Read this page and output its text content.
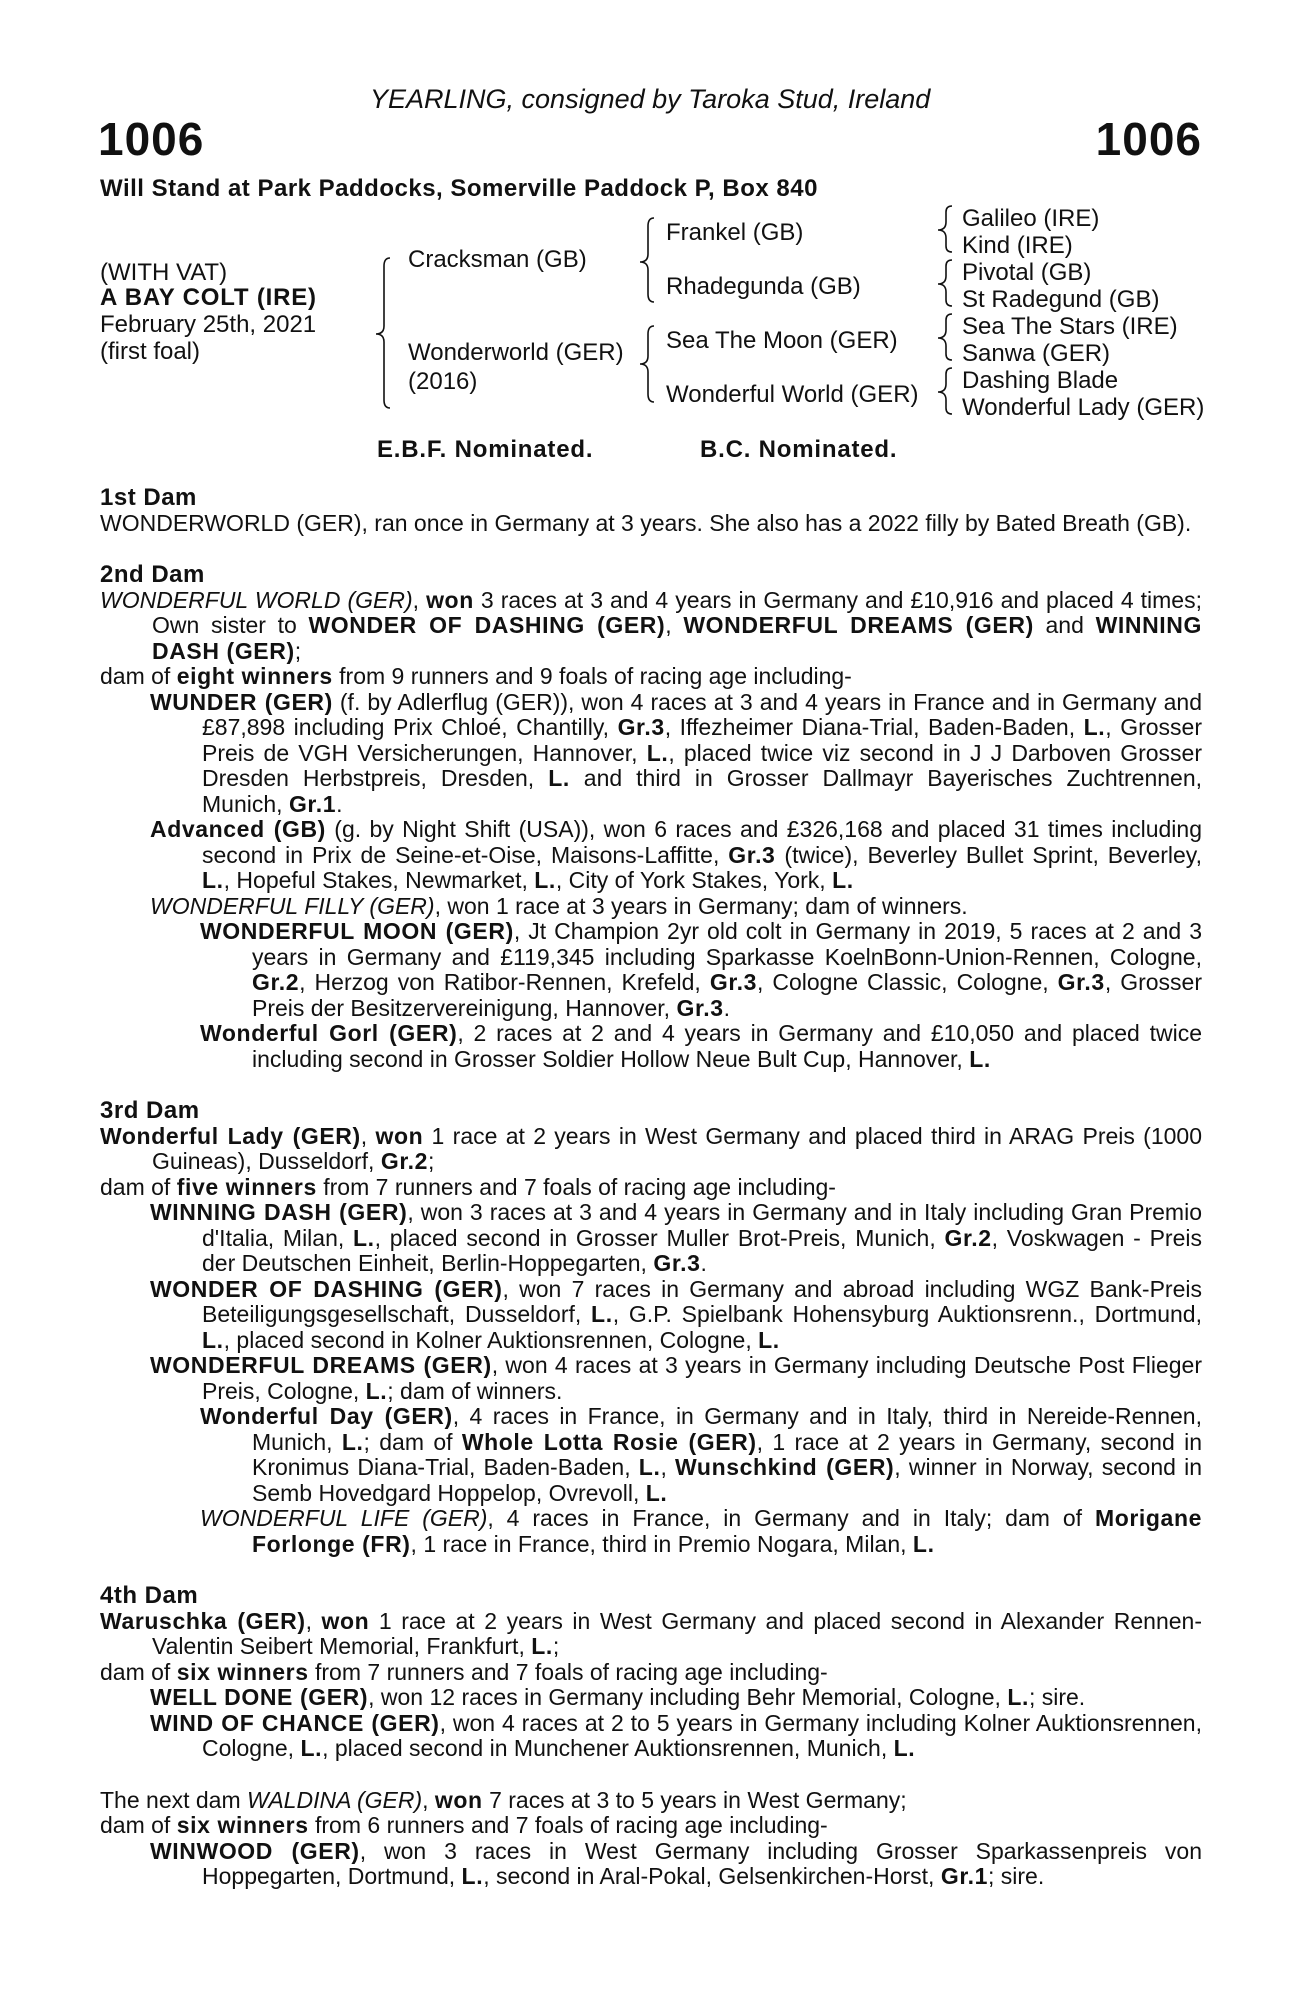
YEARLING, consigned by Taroka Stud, Ireland
1006	1006
Will Stand at Park Paddocks, Somerville Paddock P, Box 840
(WITH VAT)
A BAY COLT (IRE)
February 25th, 2021
(first foal)
Cracksman (GB)
Wonderworld (GER)
(2016)
Frankel (GB)
Rhadegunda (GB)
Sea The Moon (GER)
Wonderful World (GER)
Galileo (IRE)
Kind (IRE)
Pivotal (GB)
St Radegund (GB)
Sea The Stars (IRE)
Sanwa (GER)
Dashing Blade
Wonderful Lady (GER)
E.B.F. Nominated.	B.C. Nominated.
1st Dam
WONDERWORLD (GER), ran once in Germany at 3 years. She also has a 2022 filly by Bated Breath (GB).
2nd Dam
WONDERFUL WORLD (GER), won 3 races at 3 and 4 years in Germany and £10,916 and placed 4 times; Own sister to WONDER OF DASHING (GER), WONDERFUL DREAMS (GER) and WINNING DASH (GER);
dam of eight winners from 9 runners and 9 foals of racing age including-
WUNDER (GER) (f. by Adlerflug (GER)), won 4 races at 3 and 4 years in France and in Germany and £87,898 including Prix Chloé, Chantilly, Gr.3, Iffezheimer Diana-Trial, Baden-Baden, L., Grosser Preis de VGH Versicherungen, Hannover, L., placed twice viz second in J J Darboven Grosser Dresden Herbstpreis, Dresden, L. and third in Grosser Dallmayr Bayerisches Zuchtrennen, Munich, Gr.1.
Advanced (GB) (g. by Night Shift (USA)), won 6 races and £326,168 and placed 31 times including second in Prix de Seine-et-Oise, Maisons-Laffitte, Gr.3 (twice), Beverley Bullet Sprint, Beverley, L., Hopeful Stakes, Newmarket, L., City of York Stakes, York, L.
WONDERFUL FILLY (GER), won 1 race at 3 years in Germany; dam of winners.
WONDERFUL MOON (GER), Jt Champion 2yr old colt in Germany in 2019, 5 races at 2 and 3 years in Germany and £119,345 including Sparkasse KoelnBonn-Union-Rennen, Cologne, Gr.2, Herzog von Ratibor-Rennen, Krefeld, Gr.3, Cologne Classic, Cologne, Gr.3, Grosser Preis der Besitzervereinigung, Hannover, Gr.3.
Wonderful Gorl (GER), 2 races at 2 and 4 years in Germany and £10,050 and placed twice including second in Grosser Soldier Hollow Neue Bult Cup, Hannover, L.
3rd Dam
Wonderful Lady (GER), won 1 race at 2 years in West Germany and placed third in ARAG Preis (1000 Guineas), Dusseldorf, Gr.2;
dam of five winners from 7 runners and 7 foals of racing age including-
WINNING DASH (GER), won 3 races at 3 and 4 years in Germany and in Italy including Gran Premio d'Italia, Milan, L., placed second in Grosser Muller Brot-Preis, Munich, Gr.2, Voskwagen - Preis der Deutschen Einheit, Berlin-Hoppegarten, Gr.3.
WONDER OF DASHING (GER), won 7 races in Germany and abroad including WGZ Bank-Preis Beteiligungsgesellschaft, Dusseldorf, L., G.P. Spielbank Hohensyburg Auktionsrenn., Dortmund, L., placed second in Kolner Auktionsrennen, Cologne, L.
WONDERFUL DREAMS (GER), won 4 races at 3 years in Germany including Deutsche Post Flieger Preis, Cologne, L.; dam of winners.
Wonderful Day (GER), 4 races in France, in Germany and in Italy, third in Nereide-Rennen, Munich, L.; dam of Whole Lotta Rosie (GER), 1 race at 2 years in Germany, second in Kronimus Diana-Trial, Baden-Baden, L., Wunschkind (GER), winner in Norway, second in Semb Hovedgard Hoppelop, Ovrevoll, L.
WONDERFUL LIFE (GER), 4 races in France, in Germany and in Italy; dam of Morigane Forlonge (FR), 1 race in France, third in Premio Nogara, Milan, L.
4th Dam
Waruschka (GER), won 1 race at 2 years in West Germany and placed second in Alexander Rennen-Valentin Seibert Memorial, Frankfurt, L.;
dam of six winners from 7 runners and 7 foals of racing age including-
WELL DONE (GER), won 12 races in Germany including Behr Memorial, Cologne, L.; sire.
WIND OF CHANCE (GER), won 4 races at 2 to 5 years in Germany including Kolner Auktionsrennen, Cologne, L., placed second in Munchener Auktionsrennen, Munich, L.
The next dam WALDINA (GER), won 7 races at 3 to 5 years in West Germany;
dam of six winners from 6 runners and 7 foals of racing age including-
WINWOOD (GER), won 3 races in West Germany including Grosser Sparkassenpreis von Hoppegarten, Dortmund, L., second in Aral-Pokal, Gelsenkirchen-Horst, Gr.1; sire.
